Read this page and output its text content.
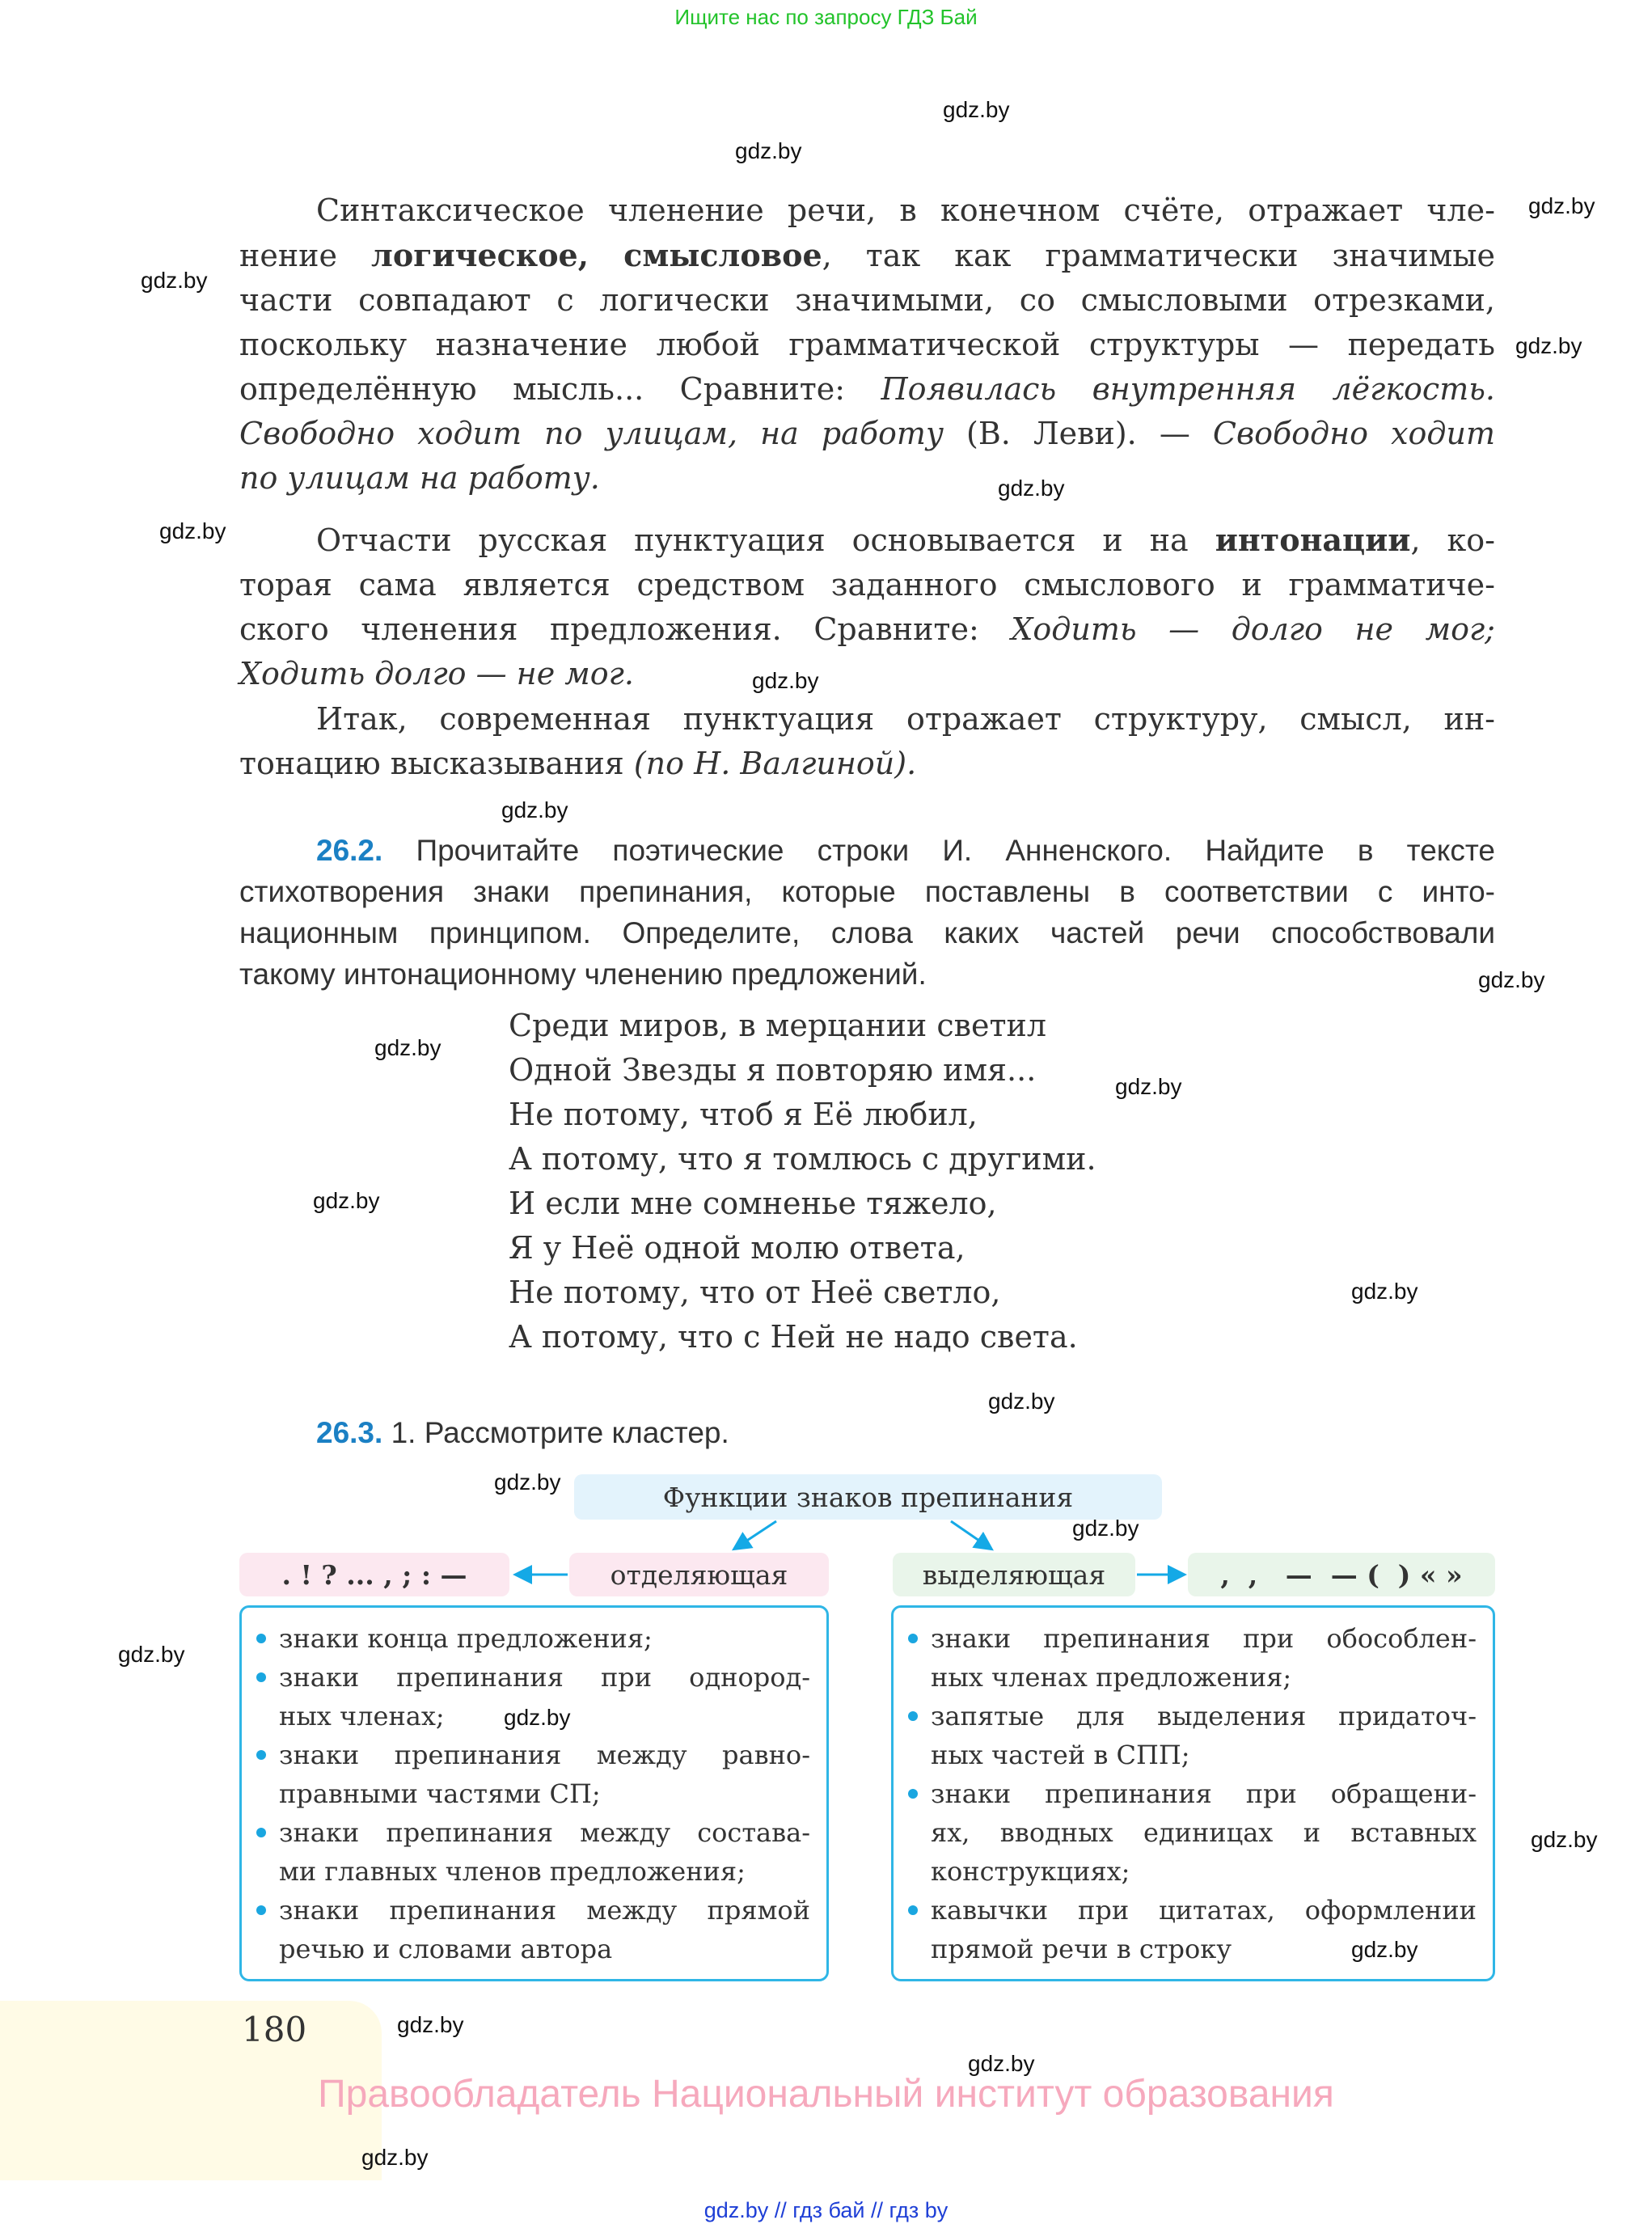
Ищите нас по запросу ГДЗ Бай
Синтаксическое членение речи, в конечном счёте, отражает чле-
нение логическое, смысловое, так как грамматически значимые
части совпадают с логически значимыми, со смысловыми отрезками,
поскольку назначение любой грамматической структуры — передать
определённую мысль... Сравните: Появилась внутренняя лёгкость.
Свободно ходит по улицам, на работу (В. Леви). — Свободно ходит
по улицам на работу.
Отчасти русская пунктуация основывается и на интонации, ко-
торая сама является средством заданного смыслового и грамматиче-
ского членения предложения. Сравните: Ходить — долго не мог;
Ходить долго — не мог.
Итак, современная пунктуация отражает структуру, смысл, ин-
тонацию высказывания (по Н. Валгиной).
26.2. Прочитайте поэтические строки И. Анненского. Найдите в тексте
стихотворения знаки препинания, которые поставлены в соответствии с инто-
национным принципом. Определите, слова каких частей речи способствовали
такому интонационному членению предложений.
Среди миров, в мерцании светил
Одной Звезды я повторяю имя...
Не потому, чтоб я Её любил,
А потому, что я томлюсь с другими.
И если мне сомненье тяжело,
Я у Неё одной молю ответа,
Не потому, что от Неё светло,
А потому, что с Ней не надо света.
26.3. 1. Рассмотрите кластер.
Функции знаков препинания
. ! ? ... , ; : —	отделяющая	выделяющая	,  ,   —  — (  ) « »
знаки конца предложения;
знаки препинания при однород-
ных членах;
знаки препинания между равно-
правными частями СП;
знаки препинания между состава-
ми главных членов предложения;
знаки препинания между прямой
речью и словами автора
знаки препинания при обособлен-
ных членах предложения;
запятые для выделения придаточ-
ных частей в СПП;
знаки препинания при обращени-
ях, вводных единицах и вставных
конструкциях;
кавычки при цитатах, оформлении
прямой речи в строку
180
Правообладатель Национальный институт образования
gdz.by // гдз бай // гдз by
gdz.by
gdz.by
gdz.by
gdz.by
gdz.by
gdz.by
gdz.by
gdz.by
gdz.by
gdz.by
gdz.by
gdz.by
gdz.by
gdz.by
gdz.by
gdz.by
gdz.by
gdz.by
gdz.by
gdz.by
gdz.by
gdz.by
gdz.by
gdz.by
